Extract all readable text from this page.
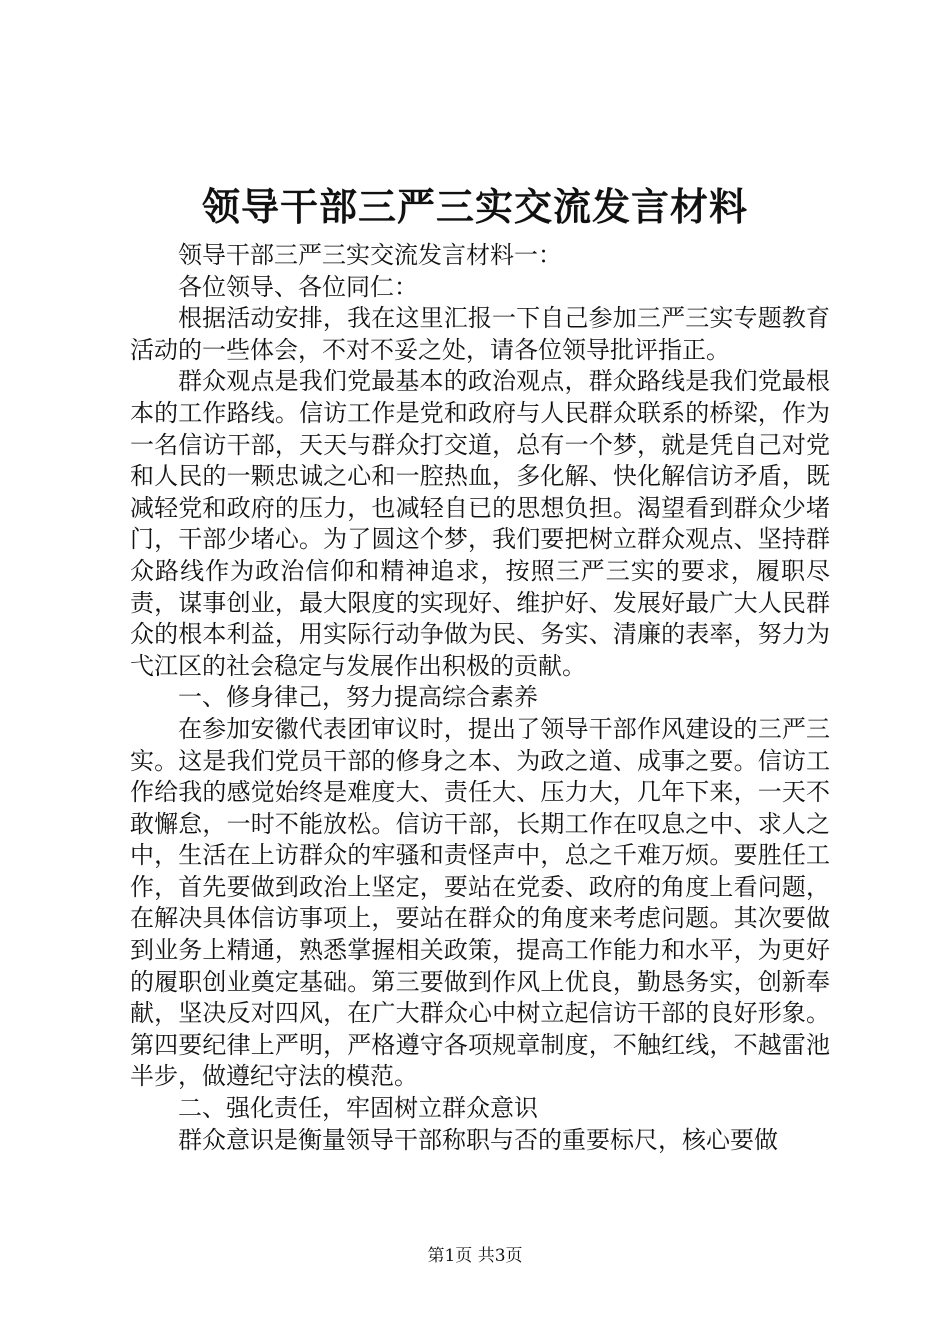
领导干部三严三实交流发言材料

领导干部三严三实交流发言材料一：

各位领导、各位同仁：

根据活动安排，我在这里汇报一下自己参加三严三实专题教育活动的一些体会，不对不妥之处，请各位领导批评指正。

群众观点是我们党最基本的政治观点，群众路线是我们党最根本的工作路线。信访工作是党和政府与人民群众联系的桥梁，作为一名信访干部，天天与群众打交道，总有一个梦，就是凭自己对党和人民的一颗忠诚之心和一腔热血，多化解、快化解信访矛盾，既减轻党和政府的压力，也减轻自已的思想负担。渴望看到群众少堵门，干部少堵心。为了圆这个梦，我们要把树立群众观点、坚持群众路线作为政治信仰和精神追求，按照三严三实的要求，履职尽责，谋事创业，最大限度的实现好、维护好、发展好最广大人民群众的根本利益，用实际行动争做为民、务实、清廉的表率，努力为弋江区的社会稳定与发展作出积极的贡献。

一、修身律己，努力提高综合素养

在参加安徽代表团审议时，提出了领导干部作风建设的三严三实。这是我们党员干部的修身之本、为政之道、成事之要。信访工作给我的感觉始终是难度大、责任大、压力大，几年下来，一天不敢懈怠，一时不能放松。信访干部，长期工作在叹息之中、求人之中，生活在上访群众的牢骚和责怪声中，总之千难万烦。要胜任工作，首先要做到政治上坚定，要站在党委、政府的角度上看问题，在解决具体信访事项上，要站在群众的角度来考虑问题。其次要做到业务上精通，熟悉掌握相关政策，提高工作能力和水平，为更好的履职创业奠定基础。第三要做到作风上优良，勤恳务实，创新奉献，坚决反对四风，在广大群众心中树立起信访干部的良好形象。第四要纪律上严明，严格遵守各项规章制度，不触红线，不越雷池半步，做遵纪守法的模范。

二、强化责任，牢固树立群众意识

群众意识是衡量领导干部称职与否的重要标尺，核心要做

第1页 共3页
